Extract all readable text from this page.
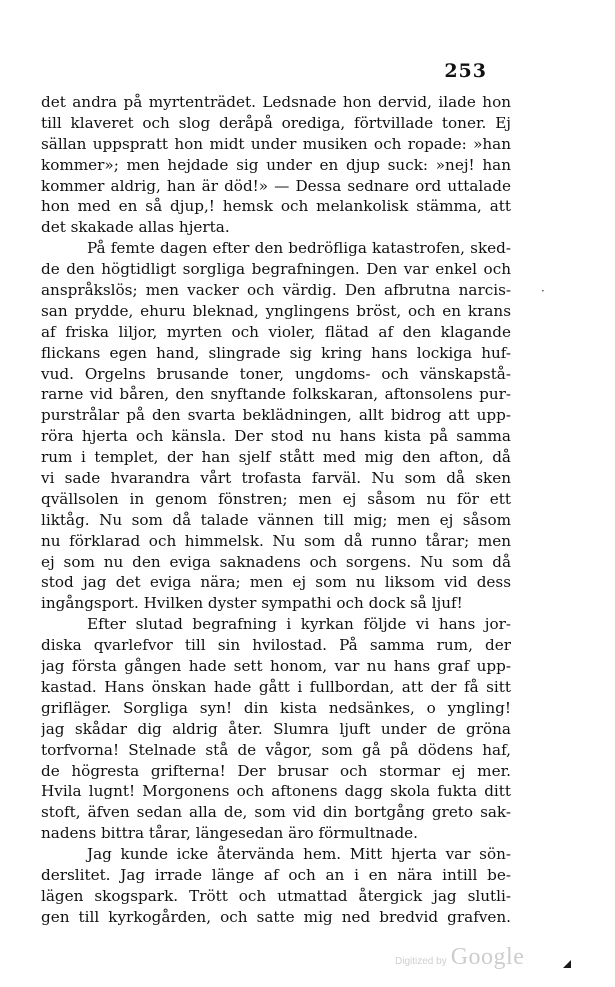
253
·
det andra på myrtenträdet. Ledsnade hon dervid, ilade hon
till klaveret och slog deråpå orediga, förtvillade toner. Ej
sällan uppspratt hon midt under musiken och ropade: »han
kommer»; men hejdade sig under en djup suck: »nej! han
kommer aldrig, han är död!» — Dessa sednare ord uttalade
hon med en så djup,! hemsk och melankolisk stämma, att
det skakade allas hjerta.
På femte dagen efter den bedröfliga katastrofen, sked-
de den högtidligt sorgliga begrafningen. Den var enkel och
anspråkslös; men vacker och värdig. Den afbrutna narcis-
san prydde, ehuru bleknad, ynglingens bröst, och en krans
af friska liljor, myrten och violer, flätad af den klagande
flickans egen hand, slingrade sig kring hans lockiga huf-
vud. Orgelns brusande toner, ungdoms- och vänskapstå-
rarne vid båren, den snyftande folkskaran, aftonsolens pur-
purstrålar på den svarta beklädningen, allt bidrog att upp-
röra hjerta och känsla. Der stod nu hans kista på samma
rum i templet, der han sjelf stått med mig den afton, då
vi sade hvarandra vårt trofasta farväl. Nu som då sken
qvällsolen in genom fönstren; men ej såsom nu för ett
liktåg. Nu som då talade vännen till mig; men ej såsom
nu förklarad och himmelsk. Nu som då runno tårar; men
ej som nu den eviga saknadens och sorgens. Nu som då
stod jag det eviga nära; men ej som nu liksom vid dess
ingångsport. Hvilken dyster sympathi och dock så ljuf!
Efter slutad begrafning i kyrkan följde vi hans jor-
diska qvarlefvor till sin hvilostad. På samma rum, der
jag första gången hade sett honom, var nu hans graf upp-
kastad. Hans önskan hade gått i fullbordan, att der få sitt
grifläger. Sorgliga syn! din kista nedsänkes, o yngling!
jag skådar dig aldrig åter. Slumra ljuft under de gröna
torfvorna! Stelnade stå de vågor, som gå på dödens haf,
de högresta grifterna! Der brusar och stormar ej mer.
Hvila lugnt! Morgonens och aftonens dagg skola fukta ditt
stoft, äfven sedan alla de, som vid din bortgång greto sak-
nadens bittra tårar, längesedan äro förmultnade.
Jag kunde icke återvända hem. Mitt hjerta var sön-
derslitet. Jag irrade länge af och an i en nära intill be-
lägen skogspark. Trött och utmattad återgick jag slutli-
gen till kyrkogården, och satte mig ned bredvid grafven.
Digitized by Google
